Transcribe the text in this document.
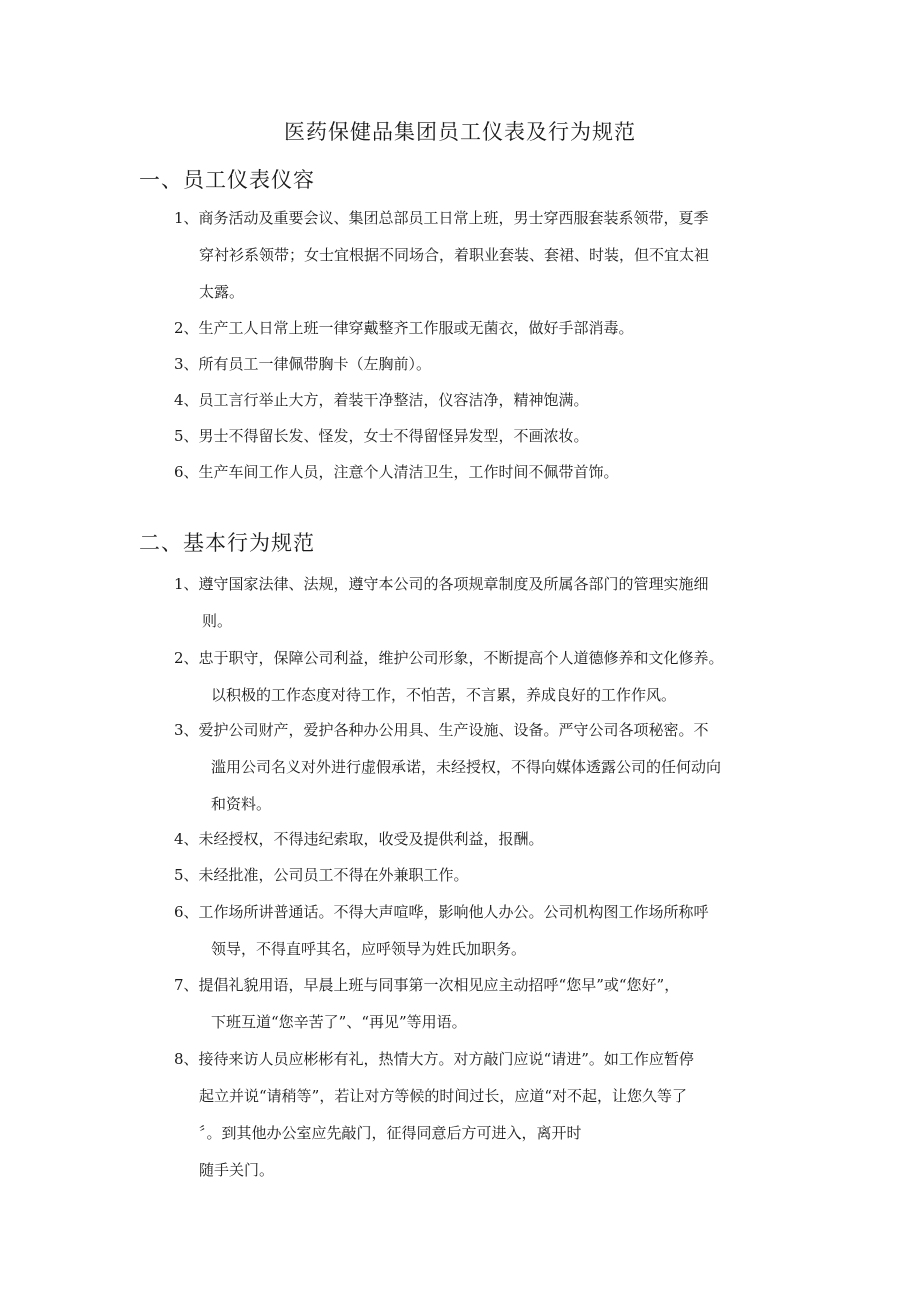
医药保健品集团员工仪表及行为规范
一、员工仪表仪容
1、商务活动及重要会议、集团总部员工日常上班，男士穿西服套装系领带，夏季
穿衬衫系领带；女士宜根据不同场合，着职业套装、套裙、时装，但不宜太袒
太露。
2、生产工人日常上班一律穿戴整齐工作服或无菌衣，做好手部消毒。
3、所有员工一律佩带胸卡（左胸前）。
4、员工言行举止大方，着装干净整洁，仪容洁净，精神饱满。
5、男士不得留长发、怪发，女士不得留怪异发型，不画浓妆。
6、生产车间工作人员，注意个人清洁卫生，工作时间不佩带首饰。
二、基本行为规范
1、遵守国家法律、法规，遵守本公司的各项规章制度及所属各部门的管理实施细
则。
2、忠于职守，保障公司利益，维护公司形象，不断提高个人道德修养和文化修养。
以积极的工作态度对待工作，不怕苦，不言累，养成良好的工作作风。
3、爱护公司财产，爱护各种办公用具、生产设施、设备。严守公司各项秘密。不
滥用公司名义对外进行虚假承诺，未经授权，不得向媒体透露公司的任何动向
和资料。
4、未经授权，不得违纪索取，收受及提供利益，报酬。
5、未经批准，公司员工不得在外兼职工作。
6、工作场所讲普通话。不得大声喧哗，影响他人办公。公司机构图工作场所称呼
领导，不得直呼其名，应呼领导为姓氏加职务。
7、提倡礼貌用语，早晨上班与同事第一次相见应主动招呼“您早”或“您好”，
下班互道“您辛苦了”、“再见”等用语。
8、接待来访人员应彬彬有礼，热情大方。对方敲门应说“请进”。如工作应暂停
起立并说“请稍等”，若让对方等候的时间过长，应道“对不起，让您久等了
〞。到其他办公室应先敲门，征得同意后方可进入，离开时
随手关门。
